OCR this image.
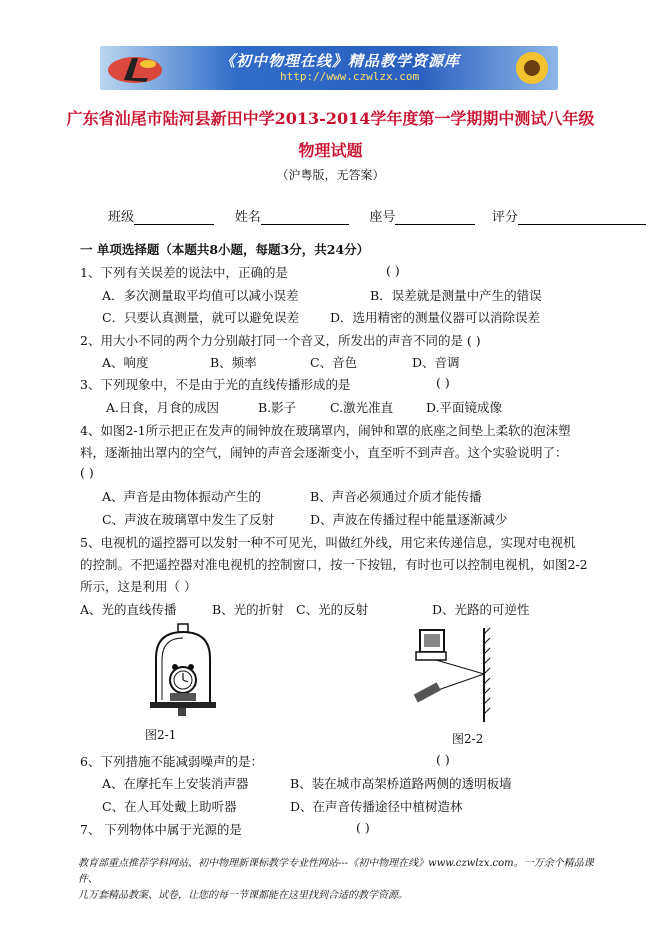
《初中物理在线》精品教学资源库
http://www.czwlzx.com
广东省汕尾市陆河县新田中学2013-2014学年度第一学期期中测试八年级
物理试题
（沪粤版，无答案）
班级	姓名	座号	评分
一 单项选择题（本题共8小题，每题3分，共24分）
1、下列有关误差的说法中，正确的是	( )
A．多次测量取平均值可以减小误差	B．误差就是测量中产生的错误
C．只要认真测量，就可以避免误差 D．选用精密的测量仪器可以消除误差
2、用大小不同的两个力分别敲打同一个音叉，所发出的声音不同的是 ( )
A、响度	B、频率	C、音色	D、音调
3、下列现象中，不是由于光的直线传播形成的是	( )
A.日食，月食的成因	B.影子	C.激光准直	D.平面镜成像
4、如图2-1所示把正在发声的闹钟放在玻璃罩内，闹钟和罩的底座之间垫上柔软的泡沫塑
料，逐渐抽出罩内的空气，闹钟的声音会逐渐变小，直至听不到声音。这个实验说明了：
( )
A、声音是由物体振动产生的	B、声音必须通过介质才能传播
C、声波在玻璃罩中发生了反射	D、声波在传播过程中能量逐渐减少
5、电视机的遥控器可以发射一种不可见光，叫做红外线，用它来传递信息，实现对电视机
的控制。不把遥控器对准电视机的控制窗口，按一下按钮，有时也可以控制电视机，如图2-2
所示，这是利用（ ）
A、光的直线传播	B、光的折射 C、光的反射	D、光路的可逆性
图2-1	图2-2
6、下列措施不能减弱噪声的是：	( )
A、在摩托车上安装消声器	B、装在城市高架桥道路两侧的透明板墙
C、在人耳处戴上助听器	D、在声音传播途径中植树造林
7、 下列物体中属于光源的是	( )
教育部重点推荐学科网站、初中物理新课标教学专业性网站---《初中物理在线》www.czwlzx.com。一万余个精品课件、
几万套精品教案、试卷，让您的每一节课都能在这里找到合适的教学资源。
